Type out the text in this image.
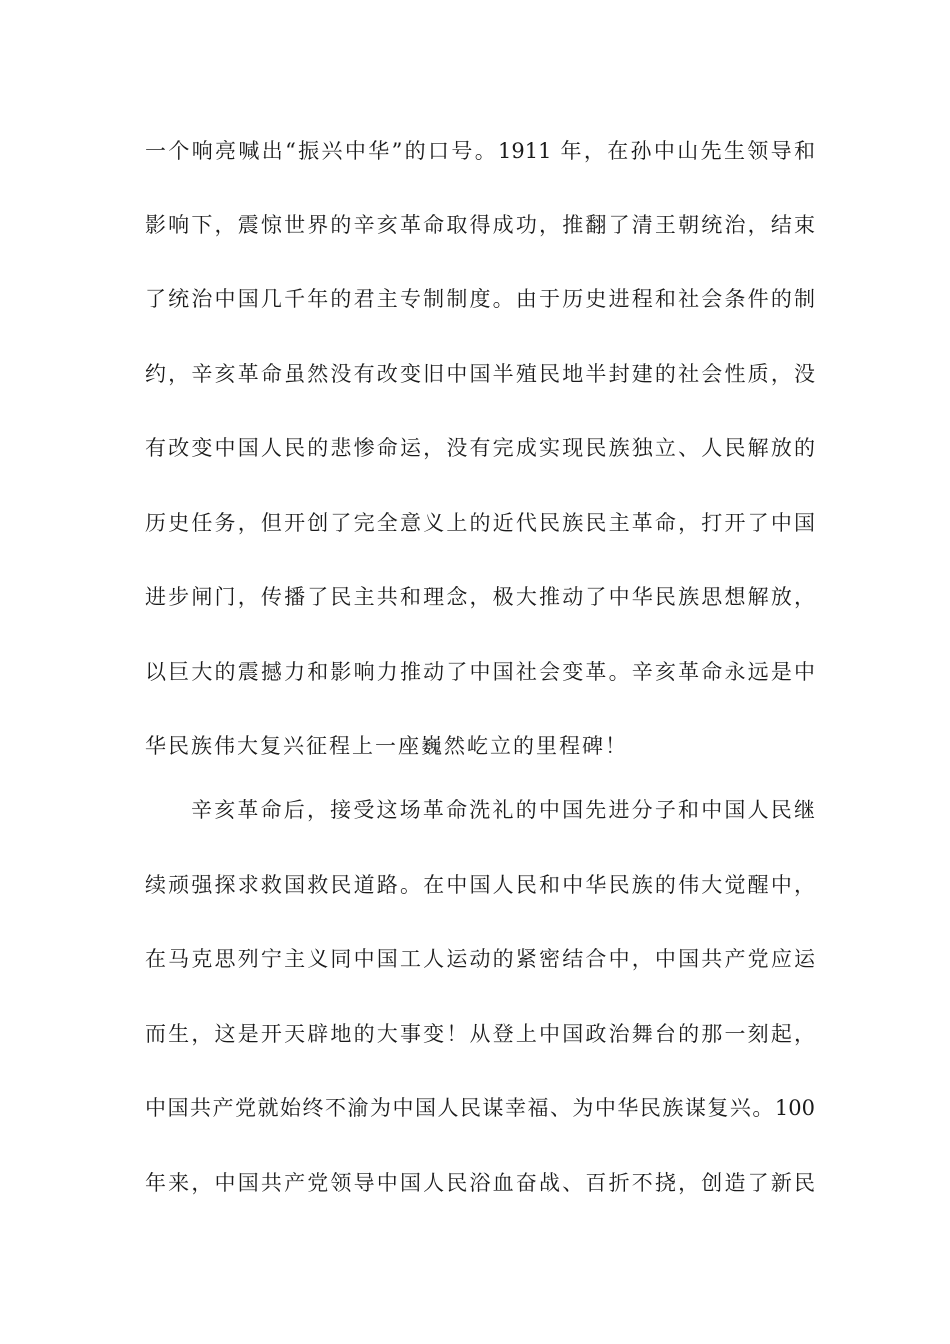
一个响亮喊出“振兴中华”的口号。1911 年，在孙中山先生领导和
影响下，震惊世界的辛亥革命取得成功，推翻了清王朝统治，结束
了统治中国几千年的君主专制制度。由于历史进程和社会条件的制
约，辛亥革命虽然没有改变旧中国半殖民地半封建的社会性质，没
有改变中国人民的悲惨命运，没有完成实现民族独立、人民解放的
历史任务，但开创了完全意义上的近代民族民主革命，打开了中国
进步闸门，传播了民主共和理念，极大推动了中华民族思想解放，
以巨大的震撼力和影响力推动了中国社会变革。辛亥革命永远是中
华民族伟大复兴征程上一座巍然屹立的里程碑！
辛亥革命后，接受这场革命洗礼的中国先进分子和中国人民继
续顽强探求救国救民道路。在中国人民和中华民族的伟大觉醒中，
在马克思列宁主义同中国工人运动的紧密结合中，中国共产党应运
而生，这是开天辟地的大事变！从登上中国政治舞台的那一刻起，
中国共产党就始终不渝为中国人民谋幸福、为中华民族谋复兴。100
年来，中国共产党领导中国人民浴血奋战、百折不挠，创造了新民
